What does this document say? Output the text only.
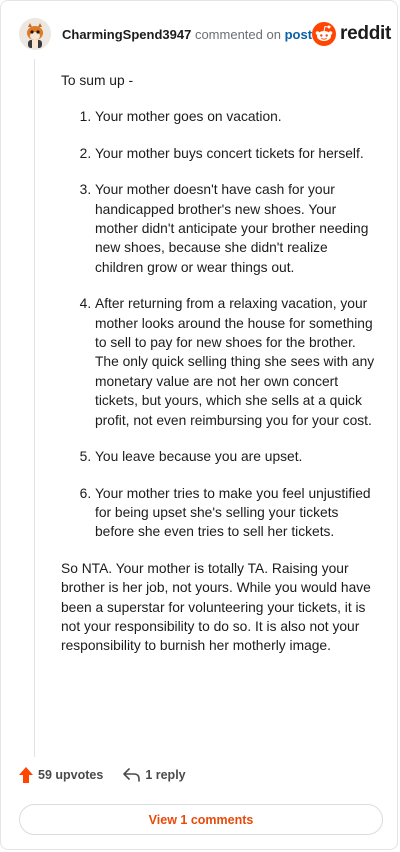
CharmingSpend3947 commented on post reddit

To sum up -

1. Your mother goes on vacation.
2. Your mother buys concert tickets for herself.
3. Your mother doesn't have cash for your handicapped brother's new shoes. Your mother didn't anticipate your brother needing new shoes, because she didn't realize children grow or wear things out.
4. After returning from a relaxing vacation, your mother looks around the house for something to sell to pay for new shoes for the brother. The only quick selling thing she sees with any monetary value are not her own concert tickets, but yours, which she sells at a quick profit, not even reimbursing you for your cost.
5. You leave because you are upset.
6. Your mother tries to make you feel unjustified for being upset she's selling your tickets before she even tries to sell her tickets.

So NTA. Your mother is totally TA. Raising your brother is her job, not yours. While you would have been a superstar for volunteering your tickets, it is not your responsibility to do so. It is also not your responsibility to burnish her motherly image.

59 upvotes	1 reply
View 1 comments
